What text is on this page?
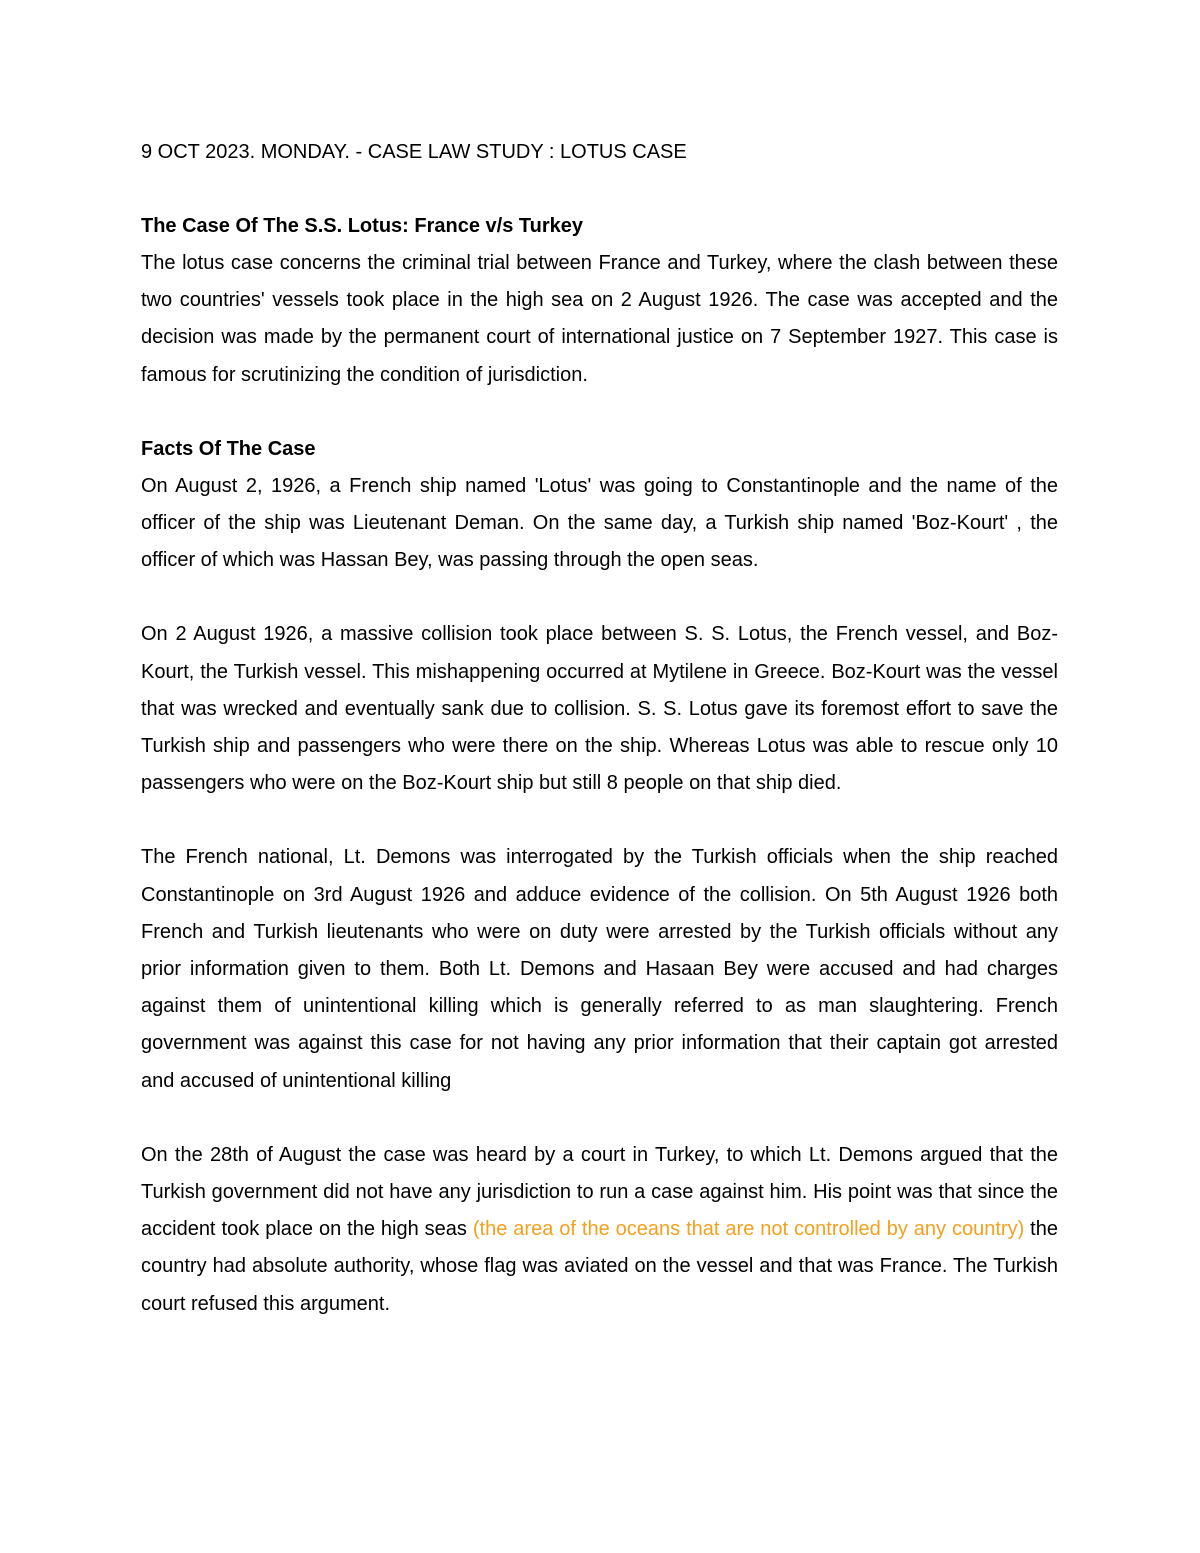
9 OCT 2023. MONDAY. - CASE LAW STUDY : LOTUS CASE

The Case Of The S.S. Lotus: France v/s Turkey

The lotus case concerns the criminal trial between France and Turkey, where the clash between these two countries' vessels took place in the high sea on 2 August 1926. The case was accepted and the decision was made by the permanent court of international justice on 7 September 1927. This case is famous for scrutinizing the condition of jurisdiction.

Facts Of The Case

On August 2, 1926, a French ship named 'Lotus' was going to Constantinople and the name of the officer of the ship was Lieutenant Deman. On the same day, a Turkish ship named 'Boz-Kourt' , the officer of which was Hassan Bey, was passing through the open seas.

On 2 August 1926, a massive collision took place between S. S. Lotus, the French vessel, and Boz-Kourt, the Turkish vessel. This mishappening occurred at Mytilene in Greece. Boz-Kourt was the vessel that was wrecked and eventually sank due to collision. S. S. Lotus gave its foremost effort to save the Turkish ship and passengers who were there on the ship. Whereas Lotus was able to rescue only 10 passengers who were on the Boz-Kourt ship but still 8 people on that ship died.

The French national, Lt. Demons was interrogated by the Turkish officials when the ship reached Constantinople on 3rd August 1926 and adduce evidence of the collision. On 5th August 1926 both French and Turkish lieutenants who were on duty were arrested by the Turkish officials without any prior information given to them. Both Lt. Demons and Hasaan Bey were accused and had charges against them of unintentional killing which is generally referred to as man slaughtering. French government was against this case for not having any prior information that their captain got arrested and accused of unintentional killing

On the 28th of August the case was heard by a court in Turkey, to which Lt. Demons argued that the Turkish government did not have any jurisdiction to run a case against him. His point was that since the accident took place on the high seas (the area of the oceans that are not controlled by any country) the country had absolute authority, whose flag was aviated on the vessel and that was France. The Turkish court refused this argument.
